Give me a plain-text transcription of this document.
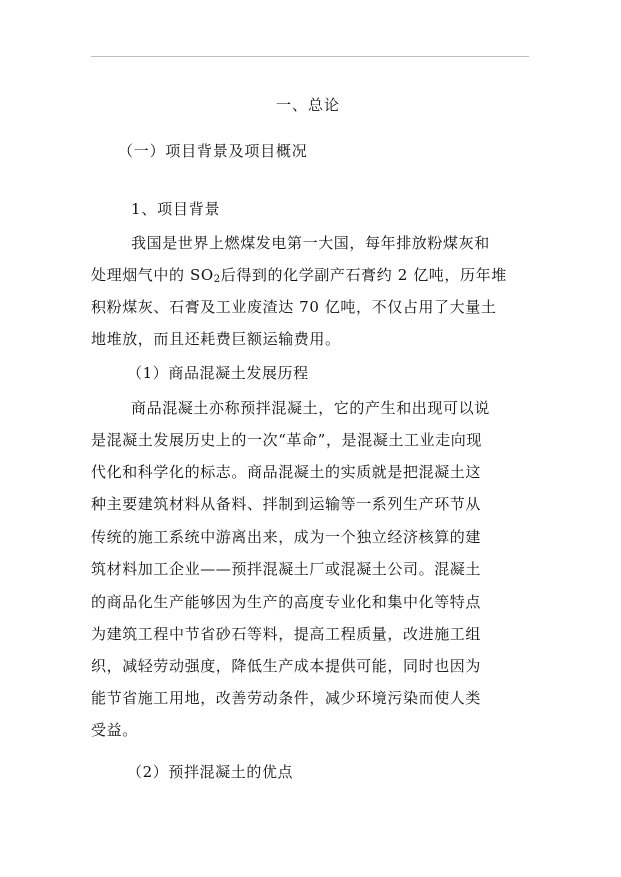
一、总论
（一）项目背景及项目概况
1、项目背景
我国是世界上燃煤发电第一大国，每年排放粉煤灰和
处理烟气中的 $SO_2$后得到的化学副产石膏约 2 亿吨，历年堆
积粉煤灰、石膏及工业废渣达 70 亿吨，不仅占用了大量土
地堆放，而且还耗费巨额运输费用。
（1）商品混凝土发展历程
商品混凝土亦称预拌混凝土，它的产生和出现可以说
是混凝土发展历史上的一次“革命”，是混凝土工业走向现
代化和科学化的标志。商品混凝土的实质就是把混凝土这
种主要建筑材料从备料、拌制到运输等一系列生产环节从
传统的施工系统中游离出来，成为一个独立经济核算的建
筑材料加工企业——预拌混凝土厂或混凝土公司。混凝土
的商品化生产能够因为生产的高度专业化和集中化等特点
为建筑工程中节省砂石等料，提高工程质量，改进施工组
织，减轻劳动强度，降低生产成本提供可能，同时也因为
能节省施工用地，改善劳动条件，减少环境污染而使人类
受益。
（2）预拌混凝土的优点
